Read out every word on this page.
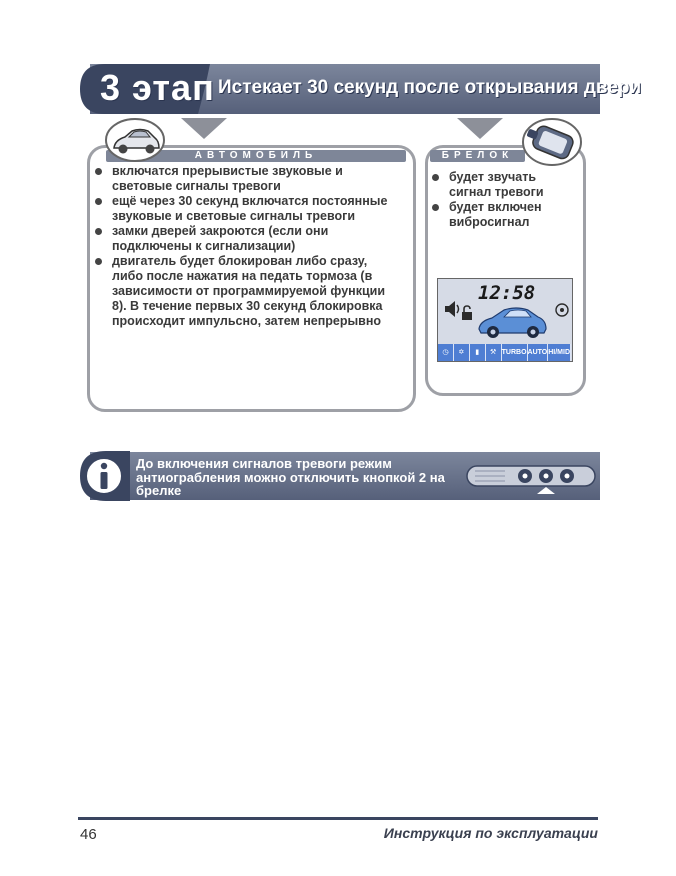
3 этап Истекает 30 секунд после открывания двери
АВТОМОБИЛЬ
включатся прерывистые звуковые и световые сигналы тревоги
ещё через 30 секунд включатся постоянные звуковые и световые сигналы тревоги
замки дверей закроются (если они подключены к сигнализации)
двигатель будет блокирован либо сразу, либо после нажатия на педать тормоза (в зависимости от программируемой функции 8). В течение первых 30 секунд блокировка происходит импульсно, затем непрерывно
БРЕЛОК
будет звучать сигнал тревоги
будет включен вибросигнал
12:58
◷	✡	▮	⚒ TURBO AUTO HI/MID
До включения сигналов тревоги режим антиограбления можно отключить кнопкой 2 на брелке
46	Инструкция по эксплуатации
